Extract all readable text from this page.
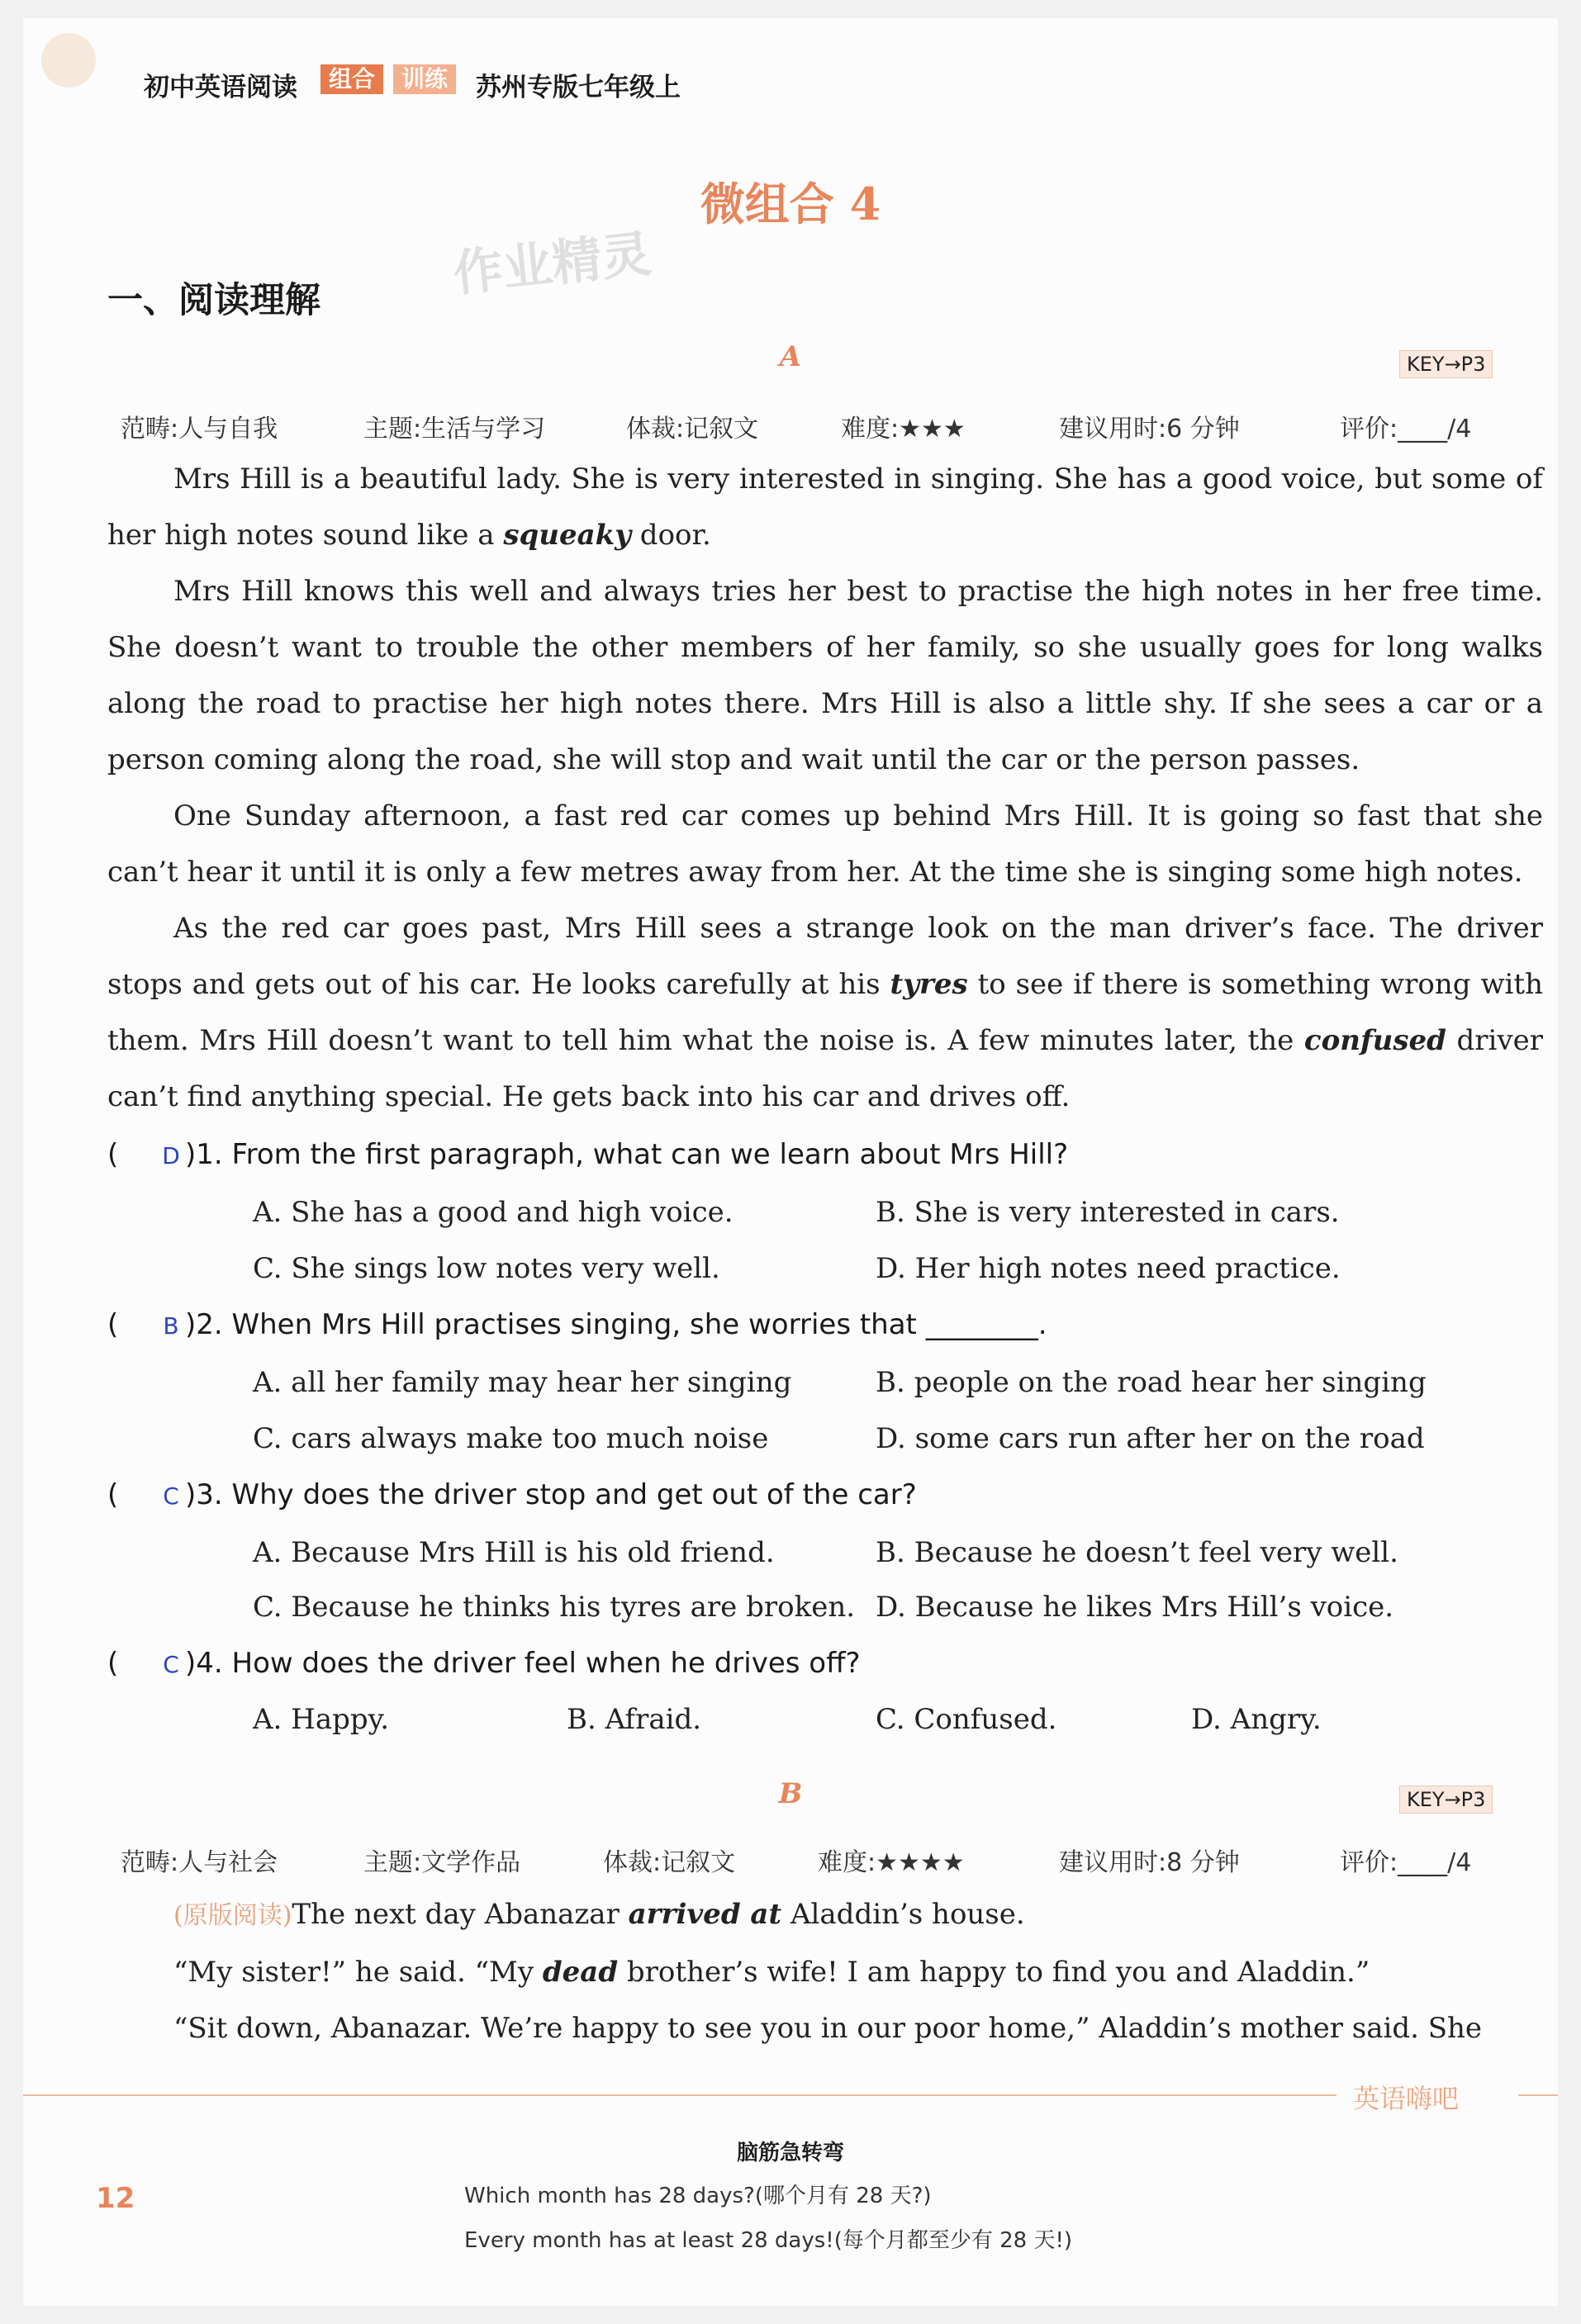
初中英语阅读	组合	训练	苏州专版七年级上
微组合 4
作业精灵
一、阅读理解
A	KEY→P3
范畴:人与自我	主题:生活与学习	体裁:记叙文	难度:★★★	建议用时:6 分钟	评价:____/4

Mrs Hill is a beautiful lady. She is very interested in singing. She has a good voice, but some of her high notes sound like a squeaky door.

Mrs Hill knows this well and always tries her best to practise the high notes in her free time. She doesn’t want to trouble the other members of her family, so she usually goes for long walks along the road to practise her high notes there. Mrs Hill is also a little shy. If she sees a car or a person coming along the road, she will stop and wait until the car or the person passes.

One Sunday afternoon, a fast red car comes up behind Mrs Hill. It is going so fast that she can’t hear it until it is only a few metres away from her. At the time she is singing some high notes.

As the red car goes past, Mrs Hill sees a strange look on the man driver’s face. The driver stops and gets out of his car. He looks carefully at his tyres to see if there is something wrong with them. Mrs Hill doesn’t want to tell him what the noise is. A few minutes later, the confused driver can’t find anything special. He gets back into his car and drives off.

( D )1. From the first paragraph, what can we learn about Mrs Hill?
A. She has a good and high voice.	B. She is very interested in cars.
C. She sings low notes very well.	D. Her high notes need practice.
( B )2. When Mrs Hill practises singing, she worries that ________.
A. all her family may hear her singing	B. people on the road hear her singing
C. cars always make too much noise	D. some cars run after her on the road
( C )3. Why does the driver stop and get out of the car?
A. Because Mrs Hill is his old friend.	B. Because he doesn’t feel very well.
C. Because he thinks his tyres are broken. D. Because he likes Mrs Hill’s voice.
( C )4. How does the driver feel when he drives off?
A. Happy.	B. Afraid.	C. Confused.	D. Angry.
B	KEY→P3
范畴:人与社会	主题:文学作品	体裁:记叙文	难度:★★★★	建议用时:8 分钟	评价:____/4

(原版阅读)The next day Abanazar arrived at Aladdin’s house.

“My sister!” he said. “My dead brother’s wife! I am happy to find you and Aladdin.”

“Sit down, Abanazar. We’re happy to see you in our poor home,” Aladdin’s mother said. She

英语嗨吧
脑筋急转弯
Which month has 28 days?(哪个月有 28 天?)
Every month has at least 28 days!(每个月都至少有 28 天!)
12
